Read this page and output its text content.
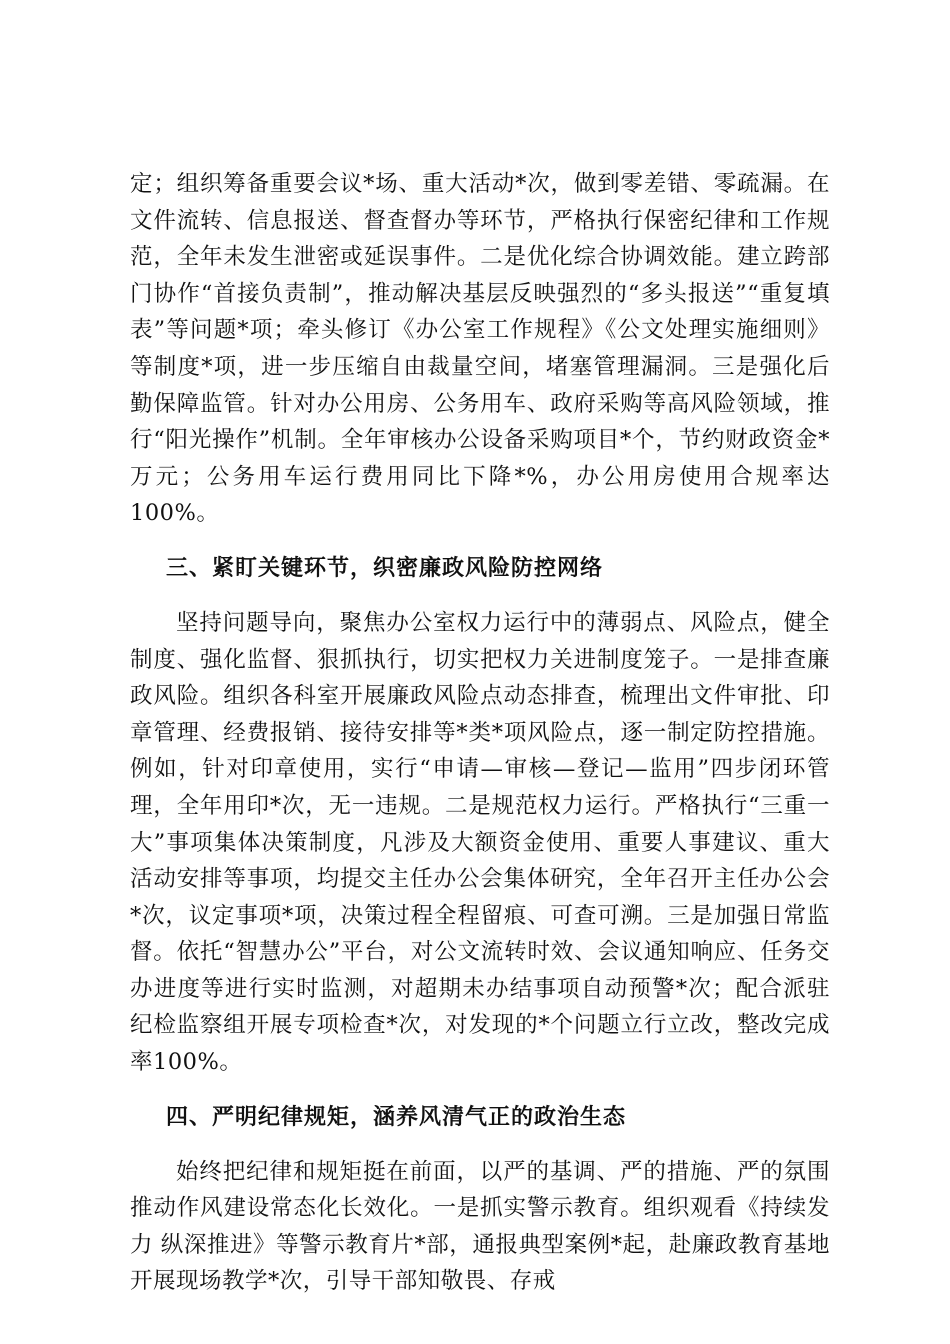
定；组织筹备重要会议*场、重大活动*次，做到零差错、零疏漏。在文件流转、信息报送、督查督办等环节，严格执行保密纪律和工作规范，全年未发生泄密或延误事件。二是优化综合协调效能。建立跨部门协作“首接负责制”，推动解决基层反映强烈的“多头报送”“重复填表”等问题*项；牵头修订《办公室工作规程》《公文处理实施细则》等制度*项，进一步压缩自由裁量空间，堵塞管理漏洞。三是强化后勤保障监管。针对办公用房、公务用车、政府采购等高风险领域，推行“阳光操作”机制。全年审核办公设备采购项目*个，节约财政资金*万元；公务用车运行费用同比下降*%，办公用房使用合规率达100%。

三、紧盯关键环节，织密廉政风险防控网络

坚持问题导向，聚焦办公室权力运行中的薄弱点、风险点，健全制度、强化监督、狠抓执行，切实把权力关进制度笼子。一是排查廉政风险。组织各科室开展廉政风险点动态排查，梳理出文件审批、印章管理、经费报销、接待安排等*类*项风险点，逐一制定防控措施。例如，针对印章使用，实行“申请—审核—登记—监用”四步闭环管理，全年用印*次，无一违规。二是规范权力运行。严格执行“三重一大”事项集体决策制度，凡涉及大额资金使用、重要人事建议、重大活动安排等事项，均提交主任办公会集体研究，全年召开主任办公会*次，议定事项*项，决策过程全程留痕、可查可溯。三是加强日常监督。依托“智慧办公”平台，对公文流转时效、会议通知响应、任务交办进度等进行实时监测，对超期未办结事项自动预警*次；配合派驻纪检监察组开展专项检查*次，对发现的*个问题立行立改，整改完成率100%。

四、严明纪律规矩，涵养风清气正的政治生态

始终把纪律和规矩挺在前面，以严的基调、严的措施、严的氛围推动作风建设常态化长效化。一是抓实警示教育。组织观看《持续发力 纵深推进》等警示教育片*部，通报典型案例*起，赴廉政教育基地开展现场教学*次，引导干部知敬畏、存戒
